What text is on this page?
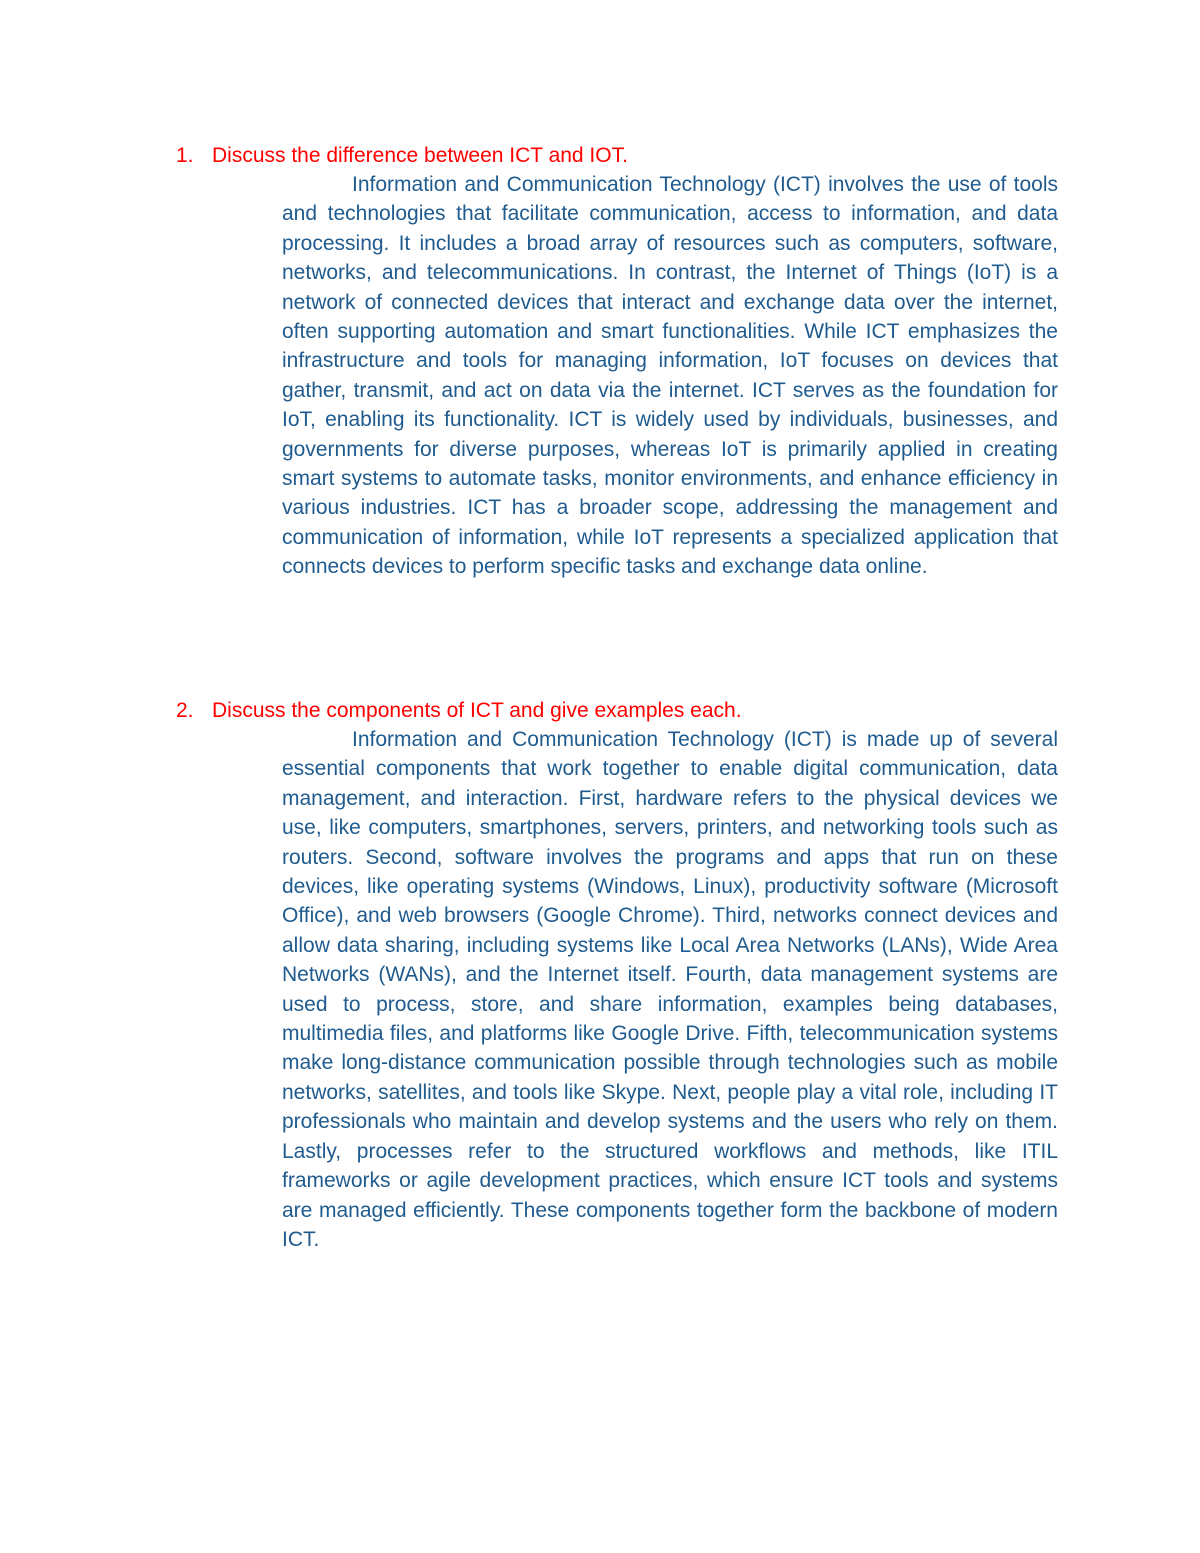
1. Discuss the difference between ICT and IOT.

Information and Communication Technology (ICT) involves the use of tools and technologies that facilitate communication, access to information, and data processing. It includes a broad array of resources such as computers, software, networks, and telecommunications. In contrast, the Internet of Things (IoT) is a network of connected devices that interact and exchange data over the internet, often supporting automation and smart functionalities. While ICT emphasizes the infrastructure and tools for managing information, IoT focuses on devices that gather, transmit, and act on data via the internet. ICT serves as the foundation for IoT, enabling its functionality. ICT is widely used by individuals, businesses, and governments for diverse purposes, whereas IoT is primarily applied in creating smart systems to automate tasks, monitor environments, and enhance efficiency in various industries. ICT has a broader scope, addressing the management and communication of information, while IoT represents a specialized application that connects devices to perform specific tasks and exchange data online.

2. Discuss the components of ICT and give examples each.

Information and Communication Technology (ICT) is made up of several essential components that work together to enable digital communication, data management, and interaction. First, hardware refers to the physical devices we use, like computers, smartphones, servers, printers, and networking tools such as routers. Second, software involves the programs and apps that run on these devices, like operating systems (Windows, Linux), productivity software (Microsoft Office), and web browsers (Google Chrome). Third, networks connect devices and allow data sharing, including systems like Local Area Networks (LANs), Wide Area Networks (WANs), and the Internet itself. Fourth, data management systems are used to process, store, and share information, examples being databases, multimedia files, and platforms like Google Drive. Fifth, telecommunication systems make long-distance communication possible through technologies such as mobile networks, satellites, and tools like Skype. Next, people play a vital role, including IT professionals who maintain and develop systems and the users who rely on them. Lastly, processes refer to the structured workflows and methods, like ITIL frameworks or agile development practices, which ensure ICT tools and systems are managed efficiently. These components together form the backbone of modern ICT.
